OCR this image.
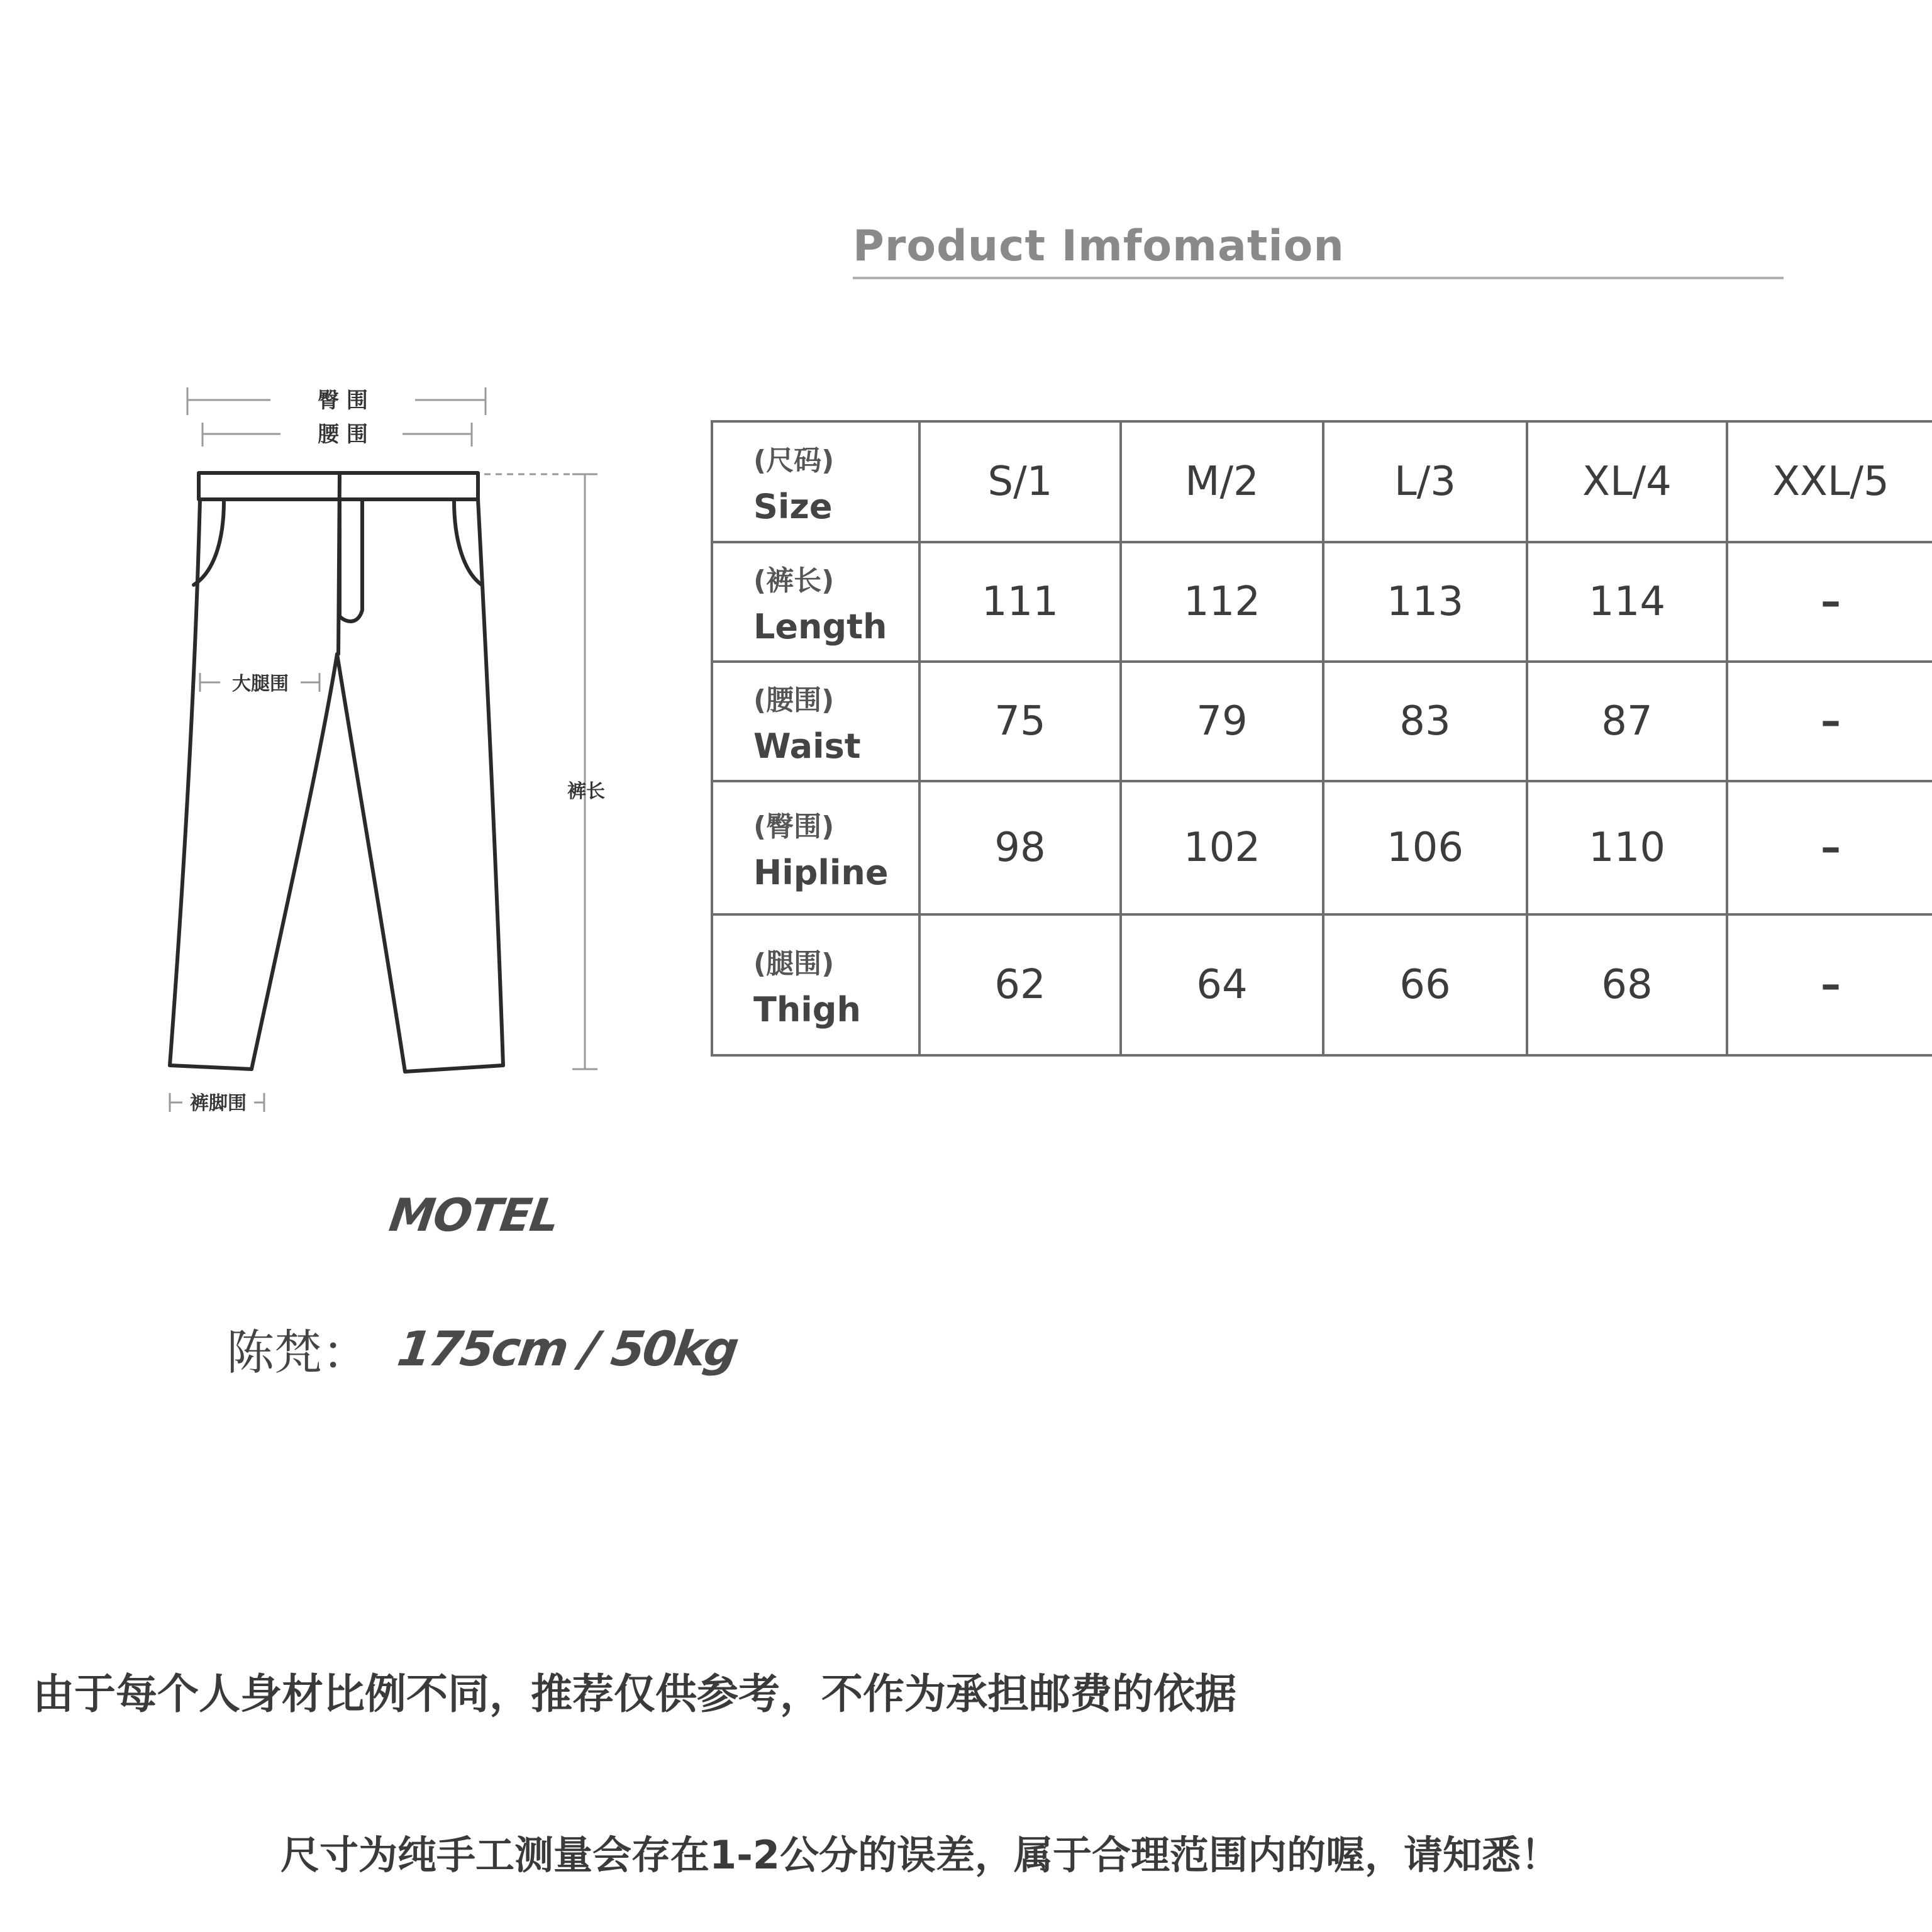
Product Imfomation
臀 围
腰 围
大腿围
裤长
裤脚围
(尺码)
Size	S/1	M/2	L/3	XL/4	XXL/5

(裤长)
Length	111	112	113	114	–

(腰围)
Waist	75	79	83	87	–

(臀围)
Hipline	98	102	106	110	–

(腿围)
Thigh	62	64	66	68	–
MOTEL
陈梵： 175cm / 50kg
由于每个人身材比例不同，推荐仅供参考，不作为承担邮费的依据
尺寸为纯手工测量会存在1-2公分的误差，属于合理范围内的喔，请知悉！
